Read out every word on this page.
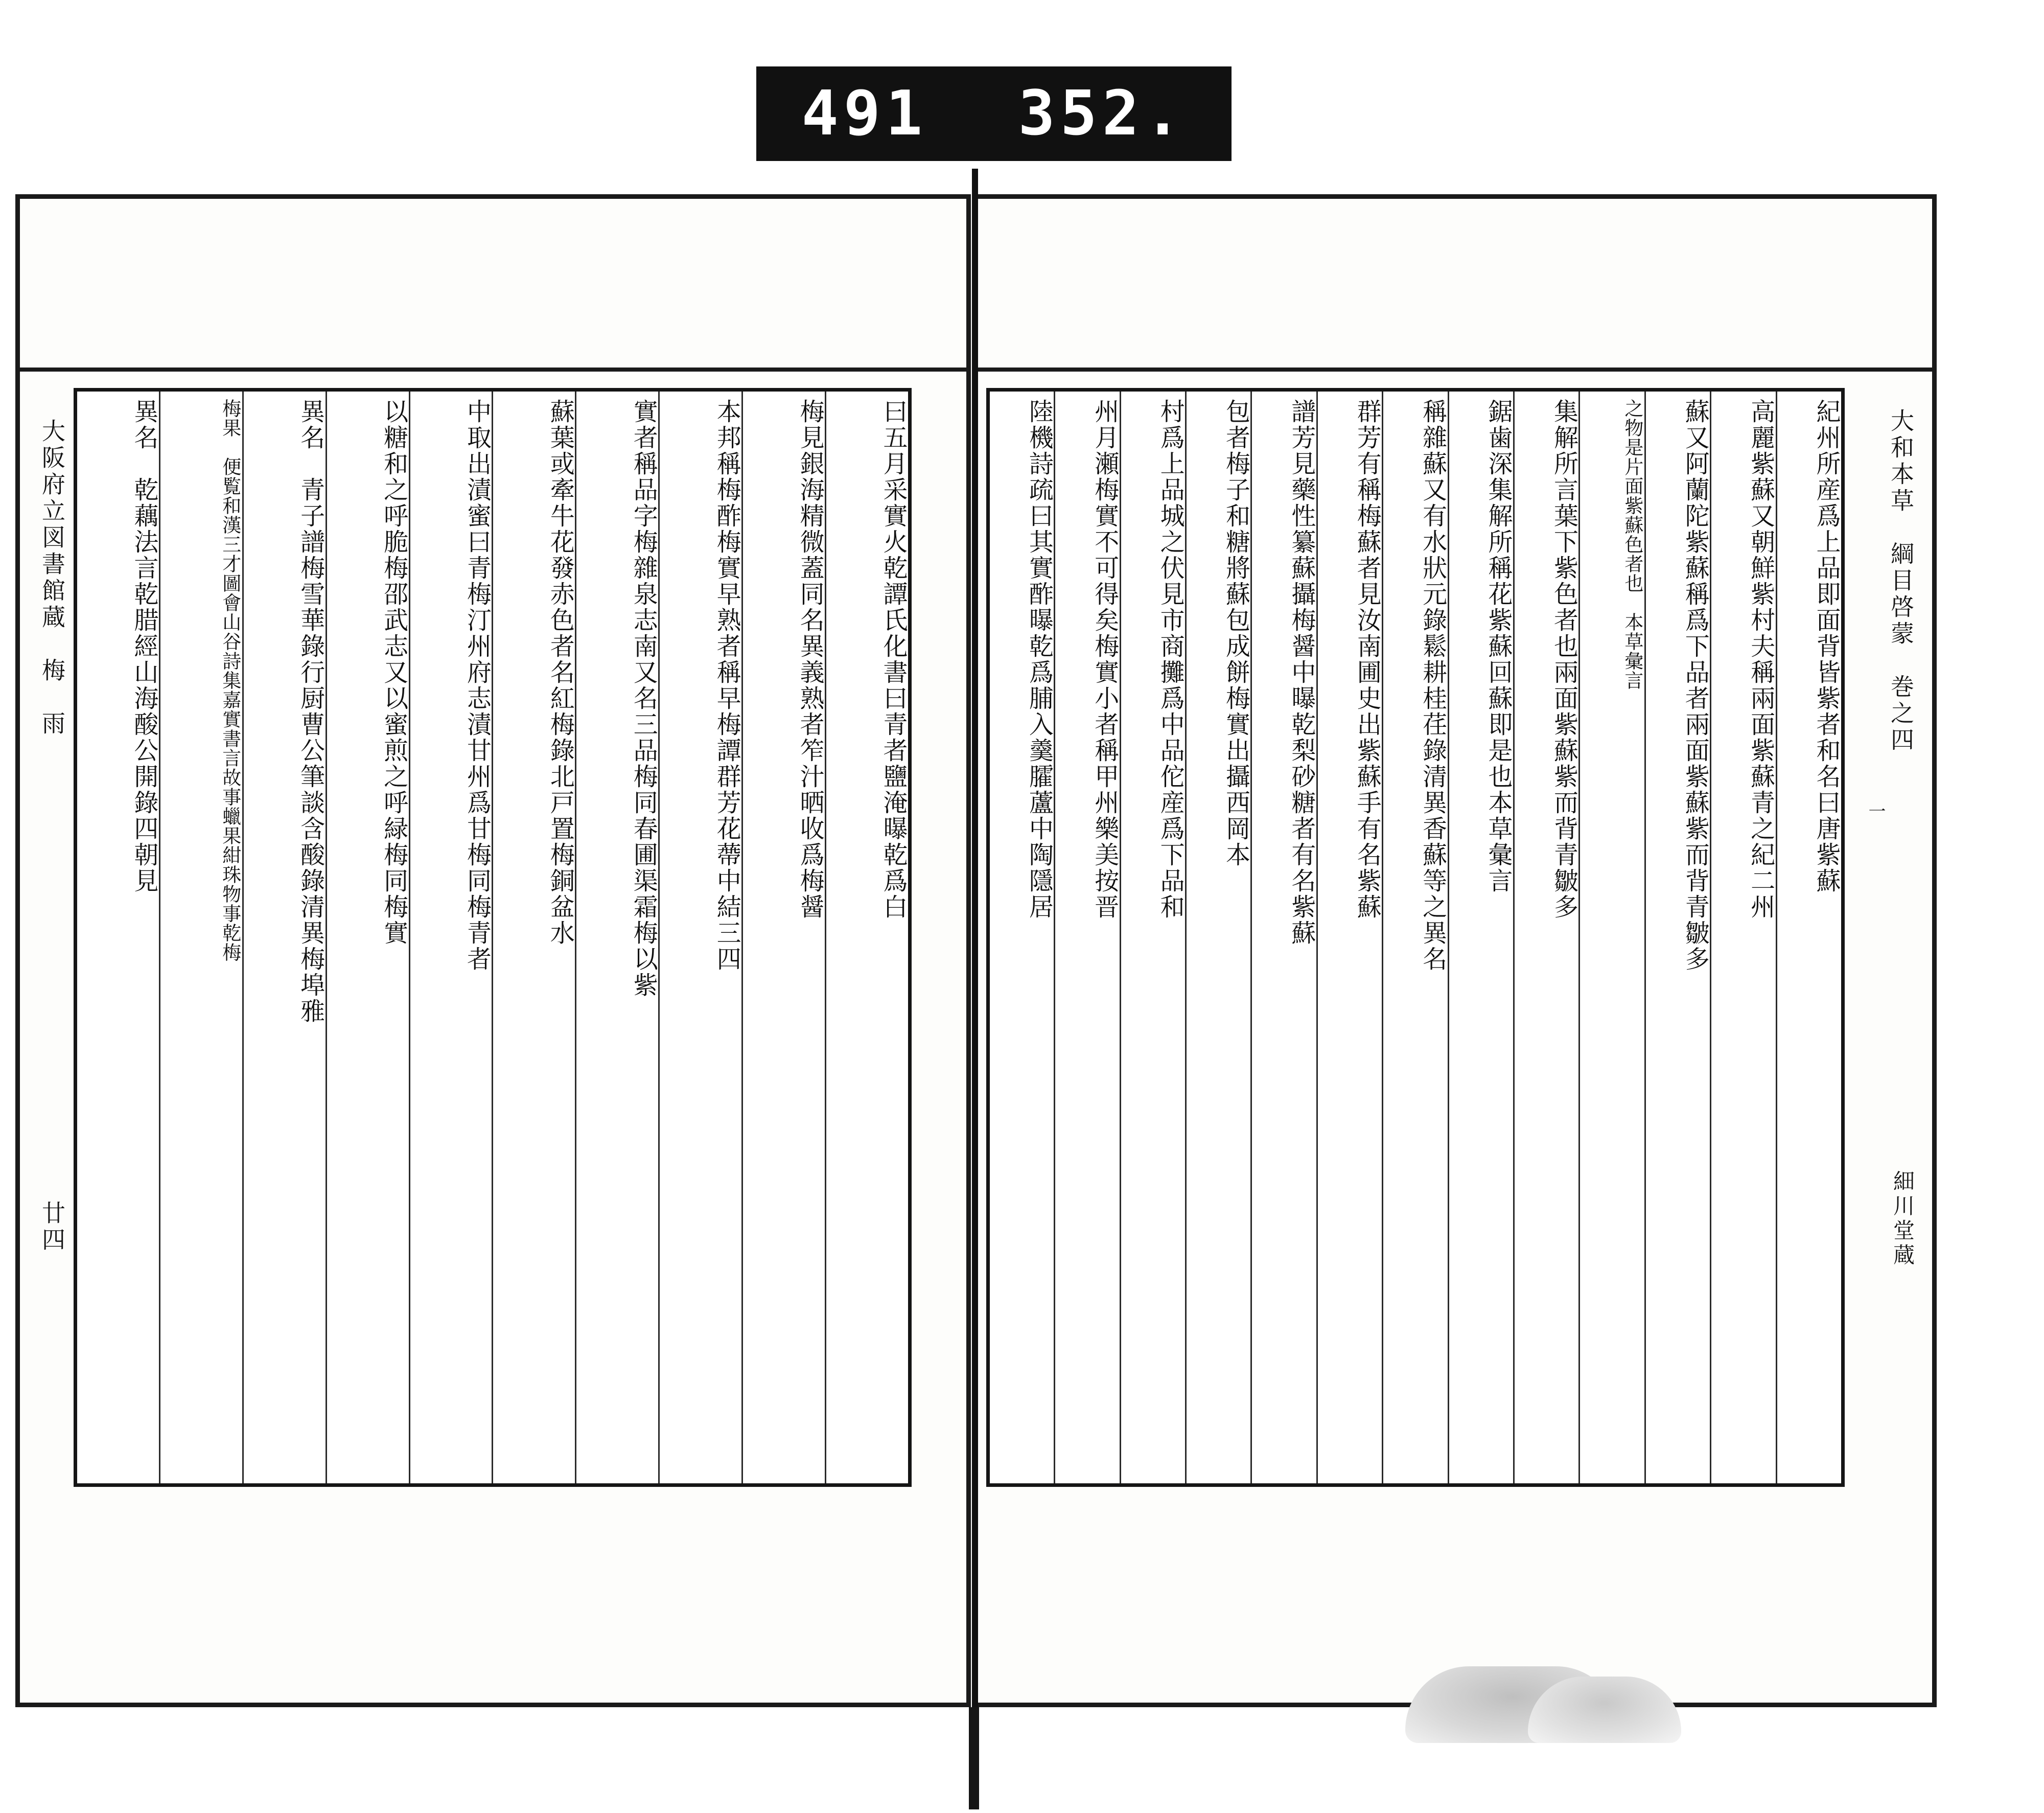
491 352.
大阪府立図書館蔵　梅　雨
廿四
曰五月采實火乾譚氏化書曰青者鹽淹曝乾爲白
梅見銀海精微蓋同名異義熟者笮汁晒收爲梅醤
本邦稱梅酢梅實早熟者稱早梅譚群芳花蔕中結三四
實者稱品字梅雜泉志南又名三品梅同春圃渠霜梅以紫
蘇葉或牽牛花發赤色者名紅梅錄北戸置梅銅盆水
中取出漬蜜曰青梅汀州府志漬甘州爲甘梅同梅青者
以糖和之呼脆梅邵武志又以蜜煎之呼緑梅同梅實
異名　青子譜梅雪華錄行厨曹公筆談含酸錄清異梅埠雅
梅果　便覧和漢三才圖會山谷詩集嘉實書言故事蠟果紺珠物事乾梅
異名　乾藕法言乾腊經山海酸公開錄四朝見	大和本草　綱目啓蒙　巻之四
細川堂蔵
一
紀州所産爲上品即面背皆紫者和名曰唐紫蘇
高麗紫蘇又朝鮮紫村夫稱兩面紫蘇青之紀二州
蘇又阿蘭陀紫蘇稱爲下品者兩面紫蘇紫而背青皺多
之物是片面紫蘇色者也　本草彙言
集解所言葉下紫色者也兩面紫蘇紫而背青皺多
鋸歯深集解所稱花紫蘇回蘇即是也本草彙言
稱雜蘇又有水狀元錄鬆耕桂荏錄清異香蘇等之異名
群芳有稱梅蘇者見汝南圃史出紫蘇手有名紫蘇
譜芳見藥性纂蘇攝梅醤中曝乾梨砂糖者有名紫蘇
包者梅子和糖將蘇包成餅梅實出攝西岡本
村爲上品城之伏見市商攤爲中品佗産爲下品和
州月瀬梅實不可得矣梅實小者稱甲州樂美按晋
陸機詩疏曰其實酢曝乾爲脯入羹臛蘆中陶隱居
